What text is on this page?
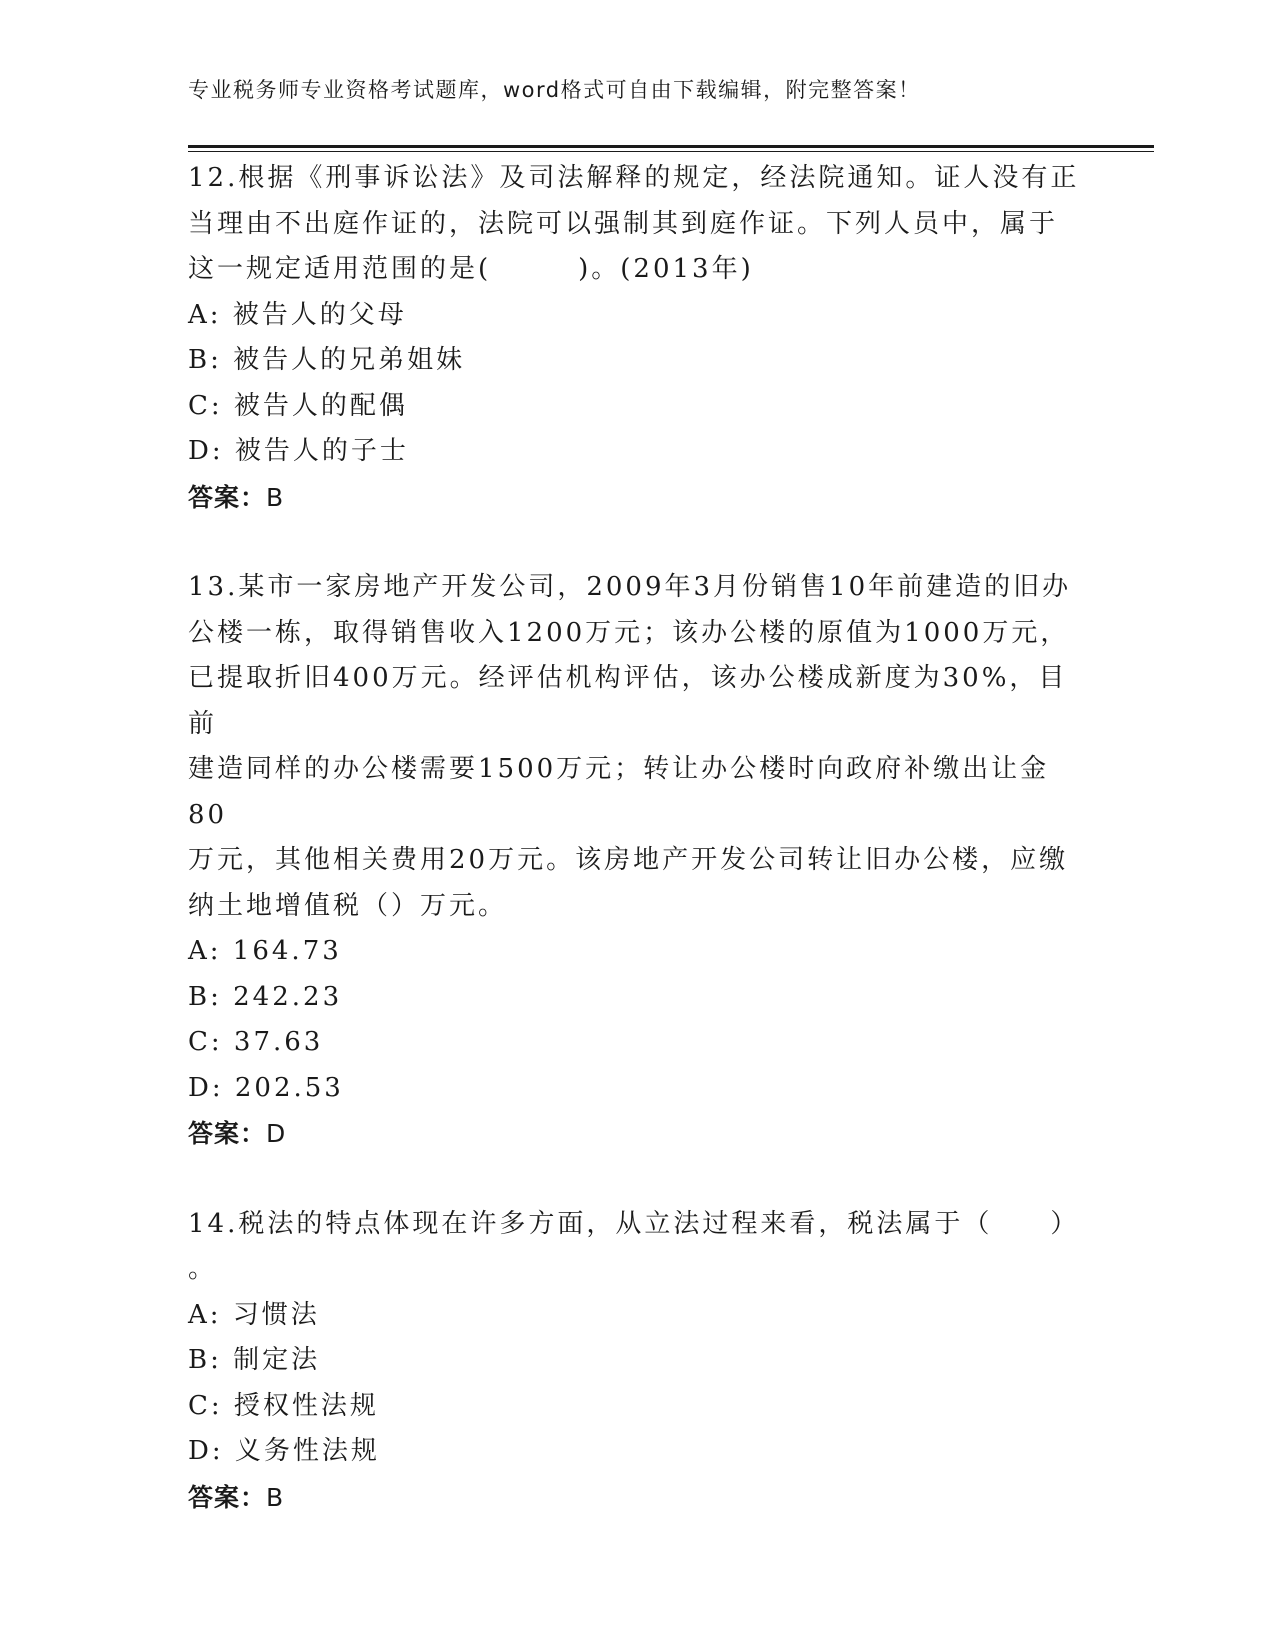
专业税务师专业资格考试题库，word格式可自由下载编辑，附完整答案！
12.根据《刑事诉讼法》及司法解释的规定，经法院通知。证人没有正
当理由不出庭作证的，法院可以强制其到庭作证。下列人员中，属于
这一规定适用范围的是(　　　)。(2013年)
A: 被告人的父母
B: 被告人的兄弟姐妹
C: 被告人的配偶
D: 被告人的子士
答案：B
13.某市一家房地产开发公司，2009年3月份销售10年前建造的旧办
公楼一栋，取得销售收入1200万元；该办公楼的原值为1000万元，
已提取折旧400万元。经评估机构评估，该办公楼成新度为30%，目前
建造同样的办公楼需要1500万元；转让办公楼时向政府补缴出让金80
万元，其他相关费用20万元。该房地产开发公司转让旧办公楼，应缴
纳土地增值税（）万元。
A: 164.73
B: 242.23
C: 37.63
D: 202.53
答案：D
14.税法的特点体现在许多方面，从立法过程来看，税法属于（　　）
。
A: 习惯法
B: 制定法
C: 授权性法规
D: 义务性法规
答案：B
